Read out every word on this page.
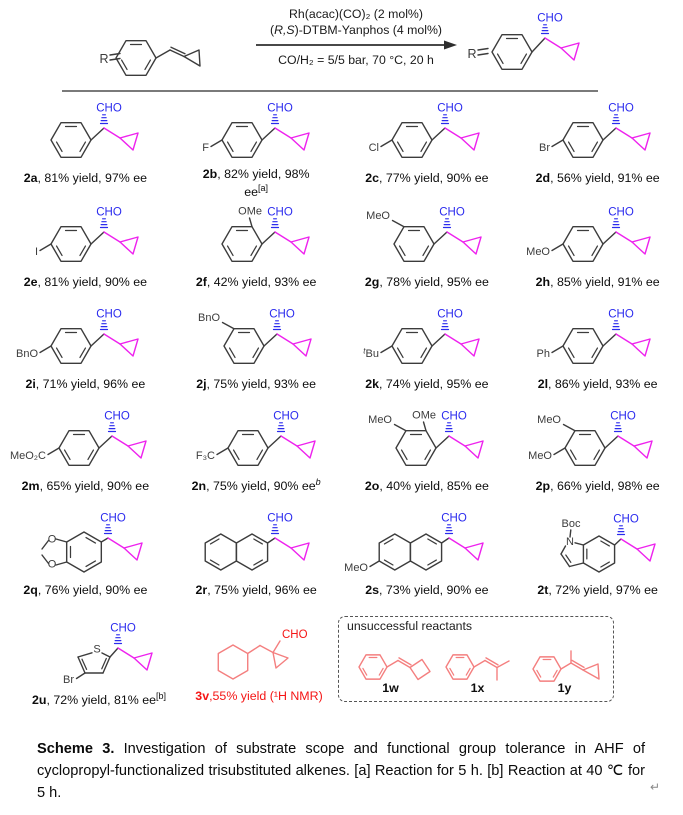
R
Rh(acac)(CO)₂ (2 mol%)
(R,S)-DTBM-Yanphos (4 mol%)
CO/H₂ = 5/5 bar, 70 °C, 20 h	R
CHO
CHO
2a, 81% yield, 97% ee
CHO
F
2b, 82% yield, 98% ee[a]
CHO
Cl
2c, 77% yield, 90% ee
CHO
Br
2d, 56% yield, 91% ee
CHO
I
2e, 81% yield, 90% ee
CHO
OMe
2f, 42% yield, 93% ee
CHO
MeO
2g, 78% yield, 95% ee
CHO
MeO
2h, 85% yield, 91% ee
CHO
BnO
2i, 71% yield, 96% ee
CHO
BnO
2j, 75% yield, 93% ee
CHO
$^t$Bu
2k, 74% yield, 95% ee
CHO
Ph
2l, 86% yield, 93% ee
CHO
MeO₂C
2m, 65% yield, 90% ee
CHO
F₃C
2n, 75% yield, 90% $ee^b$
CHO
OMe
MeO
2o, 40% yield, 85% ee
CHO
MeO
MeO
2p, 66% yield, 98% ee
O
O
CHO
2q, 76% yield, 90% ee
CHO
2r, 75% yield, 96% ee
MeO
CHO
2s, 73% yield, 90% ee
N
Boc	CHO
2t, 72% yield, 97% ee
S
Br
CHO
2u, 72% yield, 81% ee[b]
CHO
3v,55% yield (¹H NMR)
unsuccessful reactants
1w	1x	1y

Scheme 3. Investigation of substrate scope and functional group tolerance in AHF of cyclopropyl-functionalized trisubstituted alkenes. [a] Reaction for 5 h. [b] Reaction at 40 ℃ for 5 h.	↵
